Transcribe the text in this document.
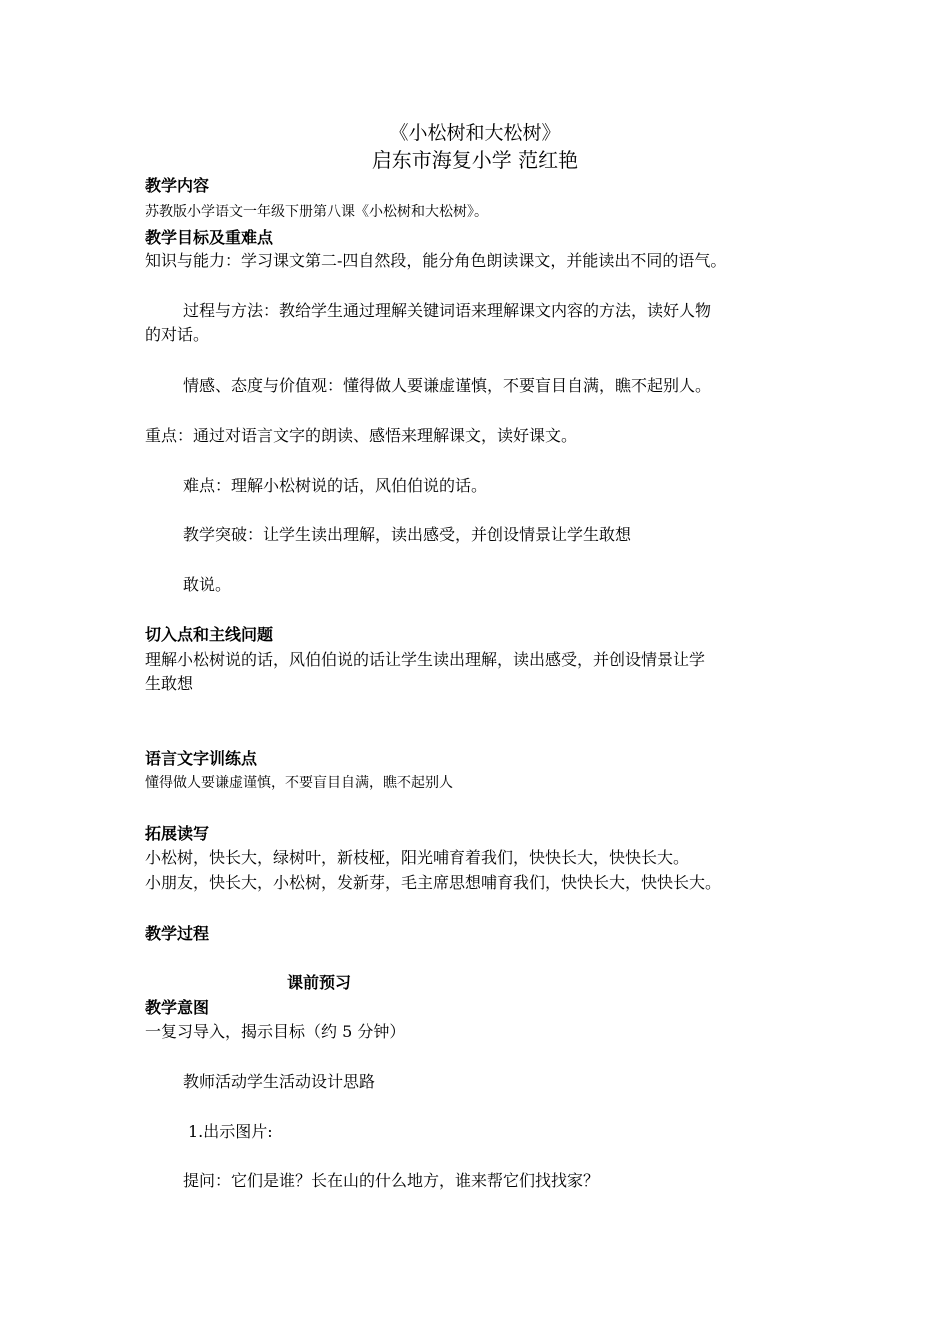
《小松树和大松树》

启东市海复小学 范红艳

教学内容

苏教版小学语文一年级下册第八课《小松树和大松树》。

教学目标及重难点

知识与能力：学习课文第二-四自然段，能分角色朗读课文，并能读出不同的语气。

过程与方法：教给学生通过理解关键词语来理解课文内容的方法，读好人物

的对话。

情感、态度与价值观：懂得做人要谦虚谨慎，不要盲目自满，瞧不起别人。

重点：通过对语言文字的朗读、感悟来理解课文，读好课文。

难点：理解小松树说的话，风伯伯说的话。

教学突破：让学生读出理解，读出感受，并创设情景让学生敢想

敢说。

切入点和主线问题

理解小松树说的话，风伯伯说的话让学生读出理解，读出感受，并创设情景让学

生敢想

语言文字训练点

懂得做人要谦虚谨慎，不要盲目自满，瞧不起别人

拓展读写

小松树，快长大，绿树叶，新枝桠，阳光哺育着我们，快快长大，快快长大。

小朋友，快长大，小松树，发新芽，毛主席思想哺育我们，快快长大，快快长大。

教学过程

课前预习

教学意图

一复习导入，揭示目标（约 5 分钟）

教师活动学生活动设计思路

1.出示图片:

提问：它们是谁？长在山的什么地方，谁来帮它们找找家？
